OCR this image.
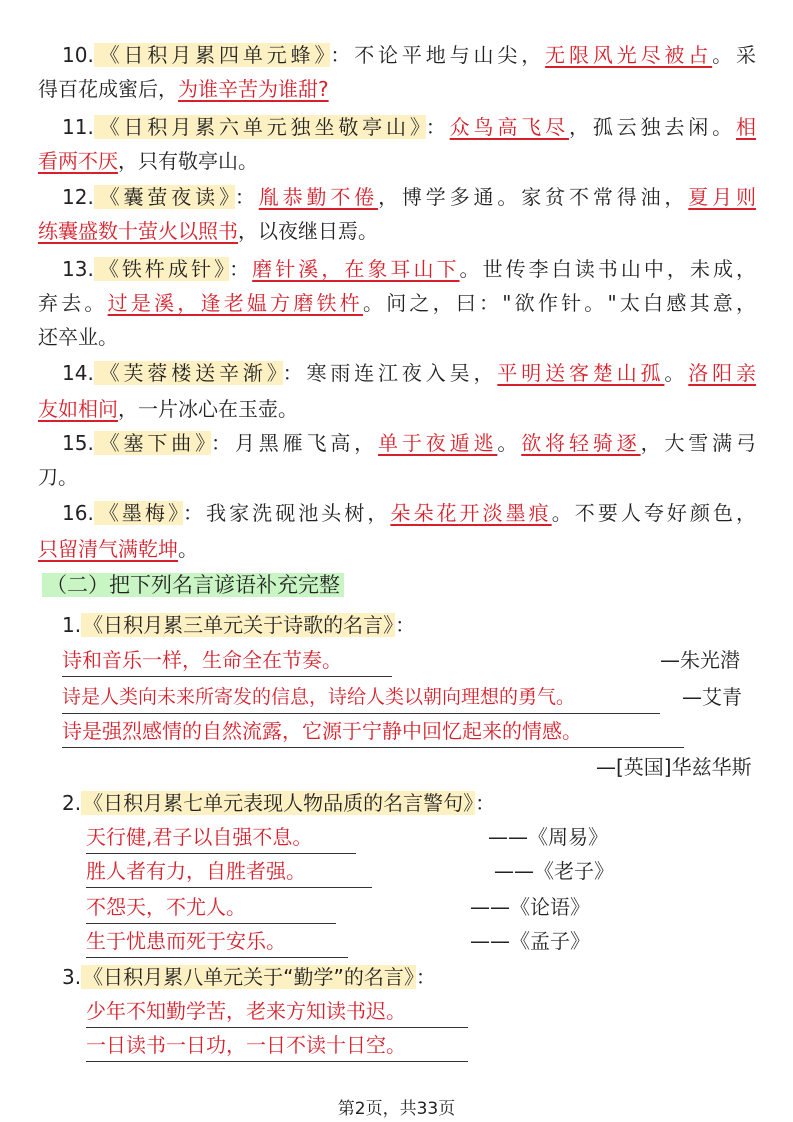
10. 《日积月累四单元蜂》 ：不论平地与山尖，无限风光尽被占。采
得百花成蜜后，为谁辛苦为谁甜?
11. 《日积月累六单元独坐敬亭山》 ：众鸟高飞尽，孤云独去闲。相
看两不厌，只有敬亭山。
12. 《囊萤夜读》 ：胤恭勤不倦，博学多通。家贫不常得油，夏月则
练囊盛数十萤火以照书，以夜继日焉。
13. 《铁杵成针》 ：磨针溪，在象耳山下。世传李白读书山中，未成，
弃去。过是溪，逢老媪方磨铁杵。问之，曰："欲作针。"太白感其意，
还卒业。
14. 《芙蓉楼送辛渐》 ：寒雨连江夜入吴，平明送客楚山孤。洛阳亲
友如相问，一片冰心在玉壶。
15. 《塞下曲》 ：月黑雁飞高，单于夜遁逃。欲将轻骑逐，大雪满弓
刀。
16. 《墨梅》 ：我家洗砚池头树，朵朵花开淡墨痕。不要人夸好颜色，
只留清气满乾坤。
（二）把下列名言谚语补充完整
1. 《日积月累三单元关于诗歌的名言》 ：
诗和音乐一样，生命全在节奏。	—朱光潜
诗是人类向未来所寄发的信息，诗给人类以朝向理想的勇气。	—艾青
诗是强烈感情的自然流露，它源于宁静中回忆起来的情感。
—[英国]华兹华斯
2. 《日积月累七单元表现人物品质的名言警句》 ：
天行健,君子以自强不息。	——《周易》
胜人者有力，自胜者强。	——《老子》
不怨天，不尤人。	——《论语》
生于忧患而死于安乐。	——《孟子》
3. 《日积月累八单元关于“勤学”的名言》 ：
少年不知勤学苦，老来方知读书迟。
一日读书一日功，一日不读十日空。
第2页，共33页
